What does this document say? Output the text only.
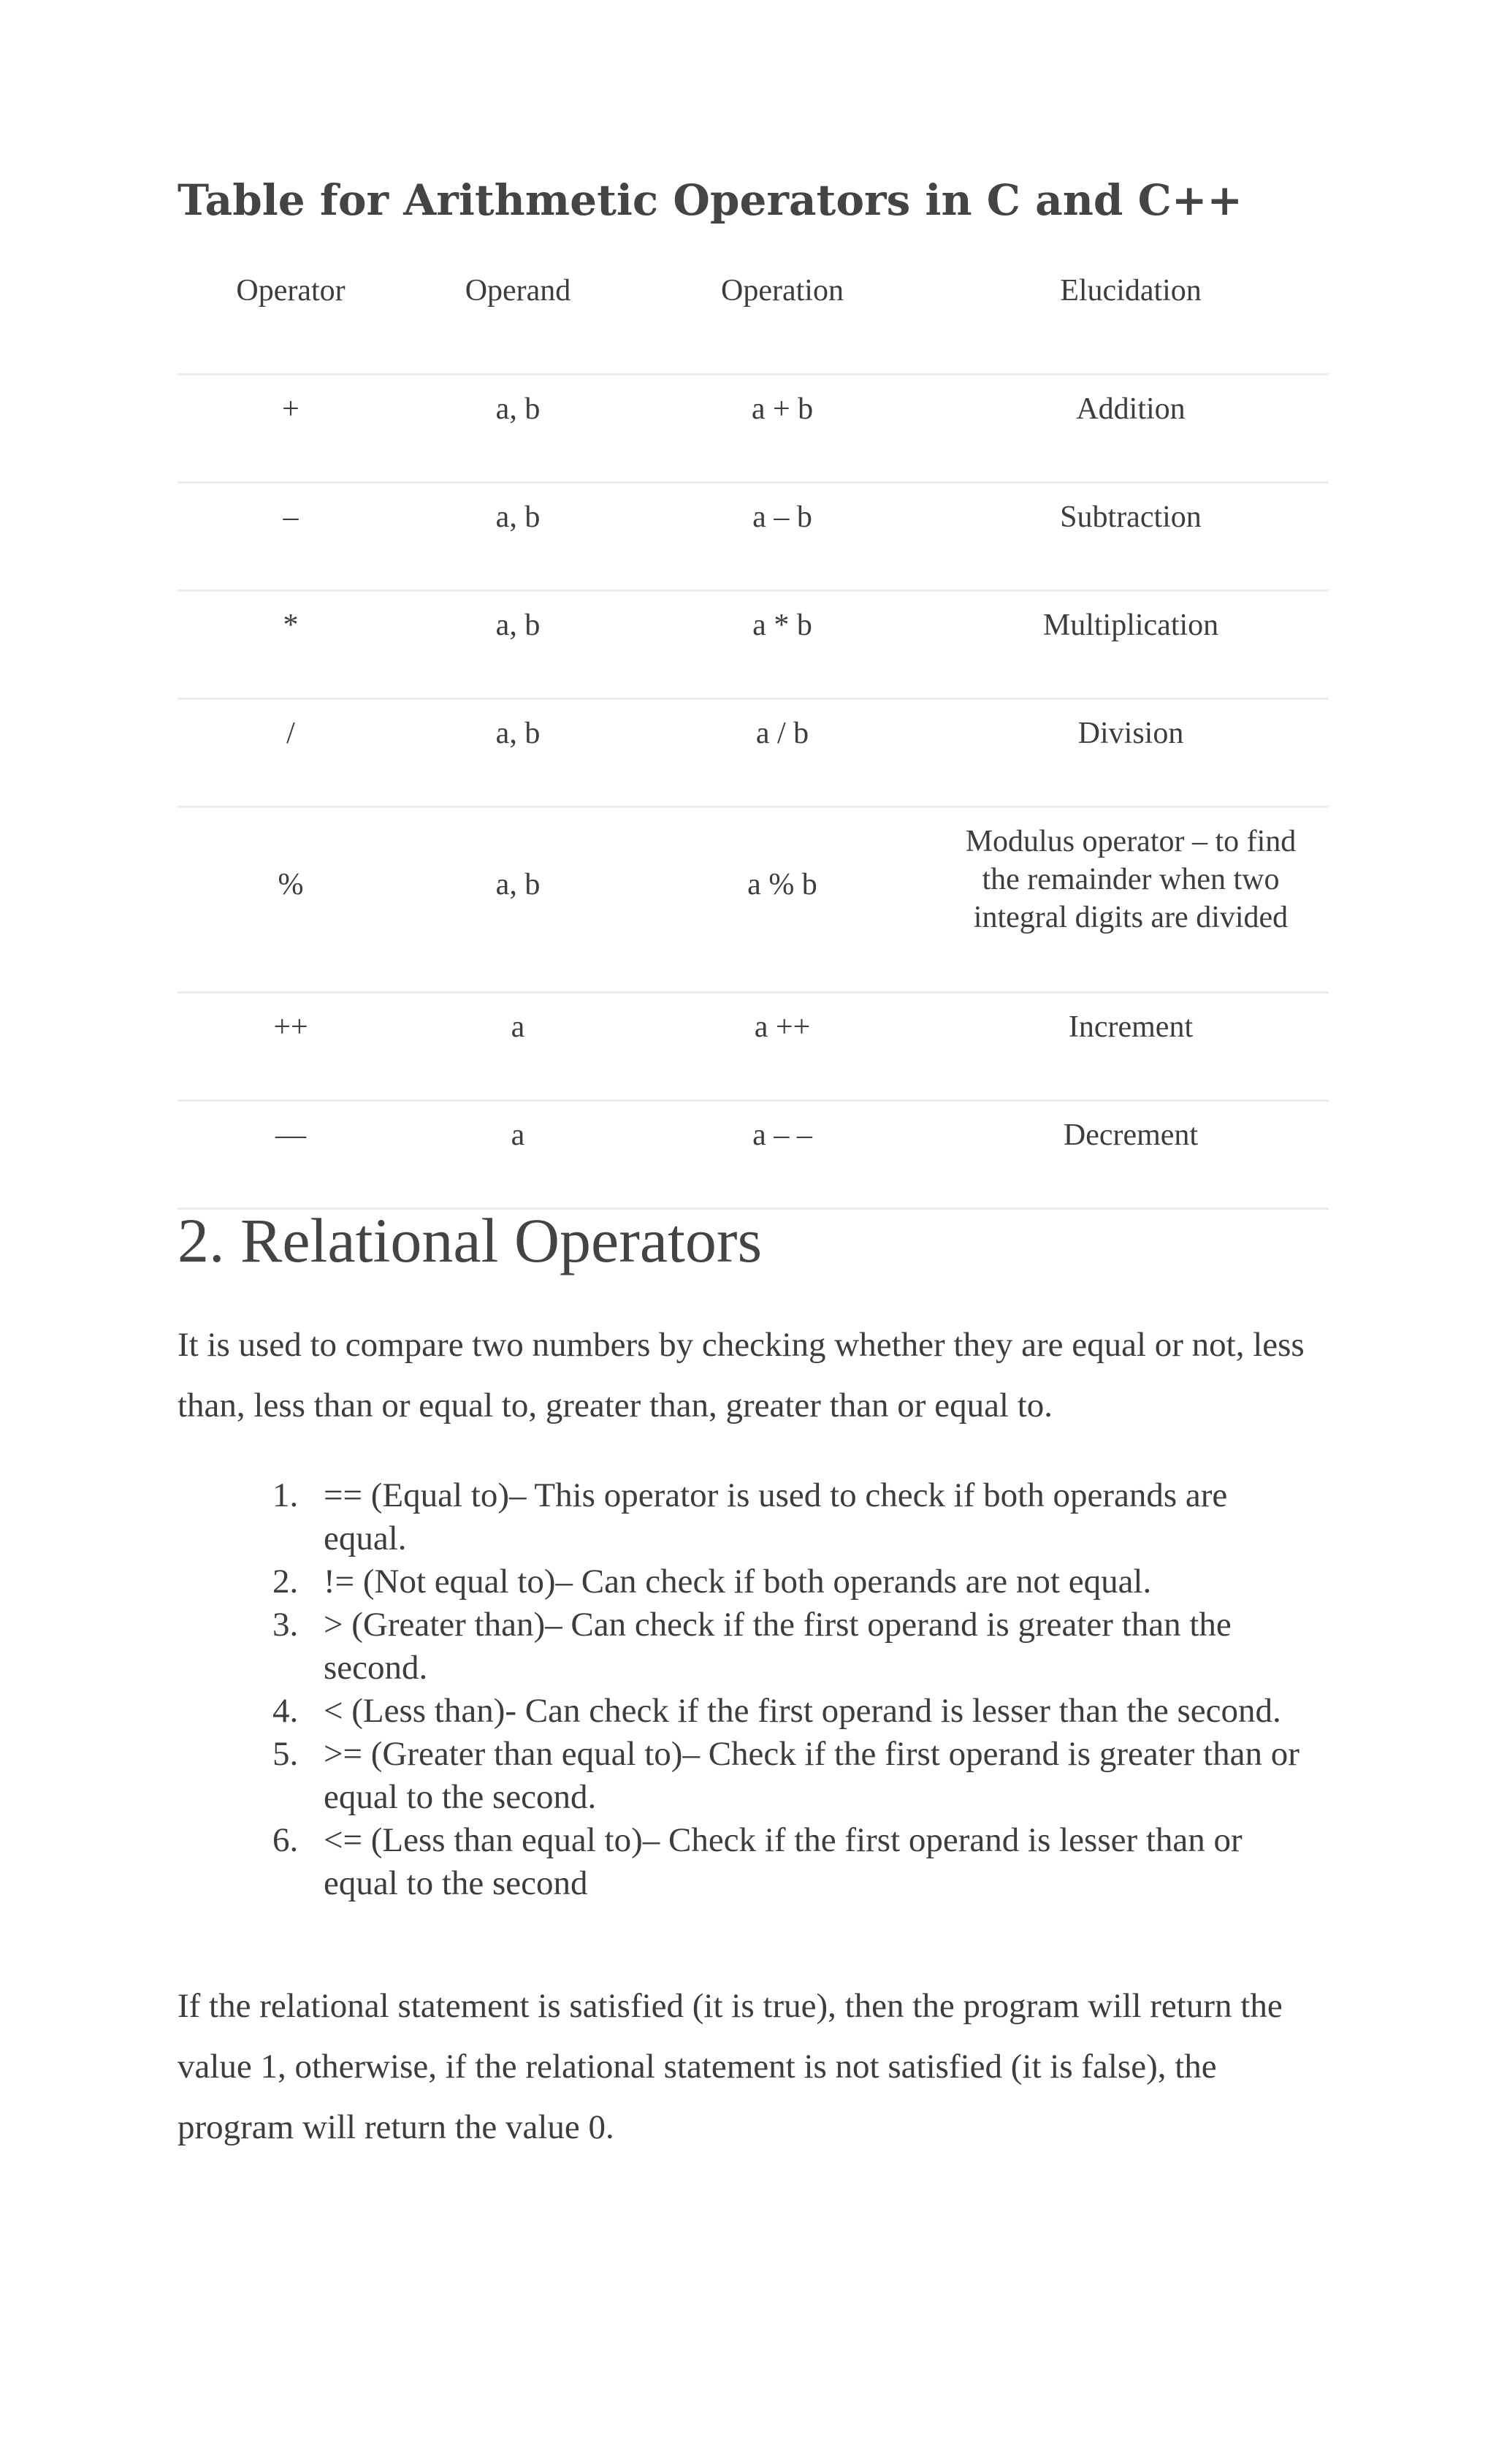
Table for Arithmetic Operators in C and C++
Operator	Operand	Operation	Elucidation
+	a, b	a + b	Addition
–	a, b	a – b	Subtraction
*	a, b	a * b	Multiplication
/	a, b	a / b	Division
%	a, b	a % b	Modulus operator – to find the remainder when two integral digits are divided
++	a	a ++	Increment
—	a	a – –	Decrement
2. Relational Operators

It is used to compare two numbers by checking whether they are equal or not, less than, less than or equal to, greater than, greater than or equal to.

1. == (Equal to)– This operator is used to check if both operands are equal.
2. != (Not equal to)– Can check if both operands are not equal.
3. > (Greater than)– Can check if the first operand is greater than the second.
4. < (Less than)- Can check if the first operand is lesser than the second.
5. >= (Greater than equal to)– Check if the first operand is greater than or equal to the second.
6. <= (Less than equal to)– Check if the first operand is lesser than or equal to the second

If the relational statement is satisfied (it is true), then the program will return the value 1, otherwise, if the relational statement is not satisfied (it is false), the program will return the value 0.
